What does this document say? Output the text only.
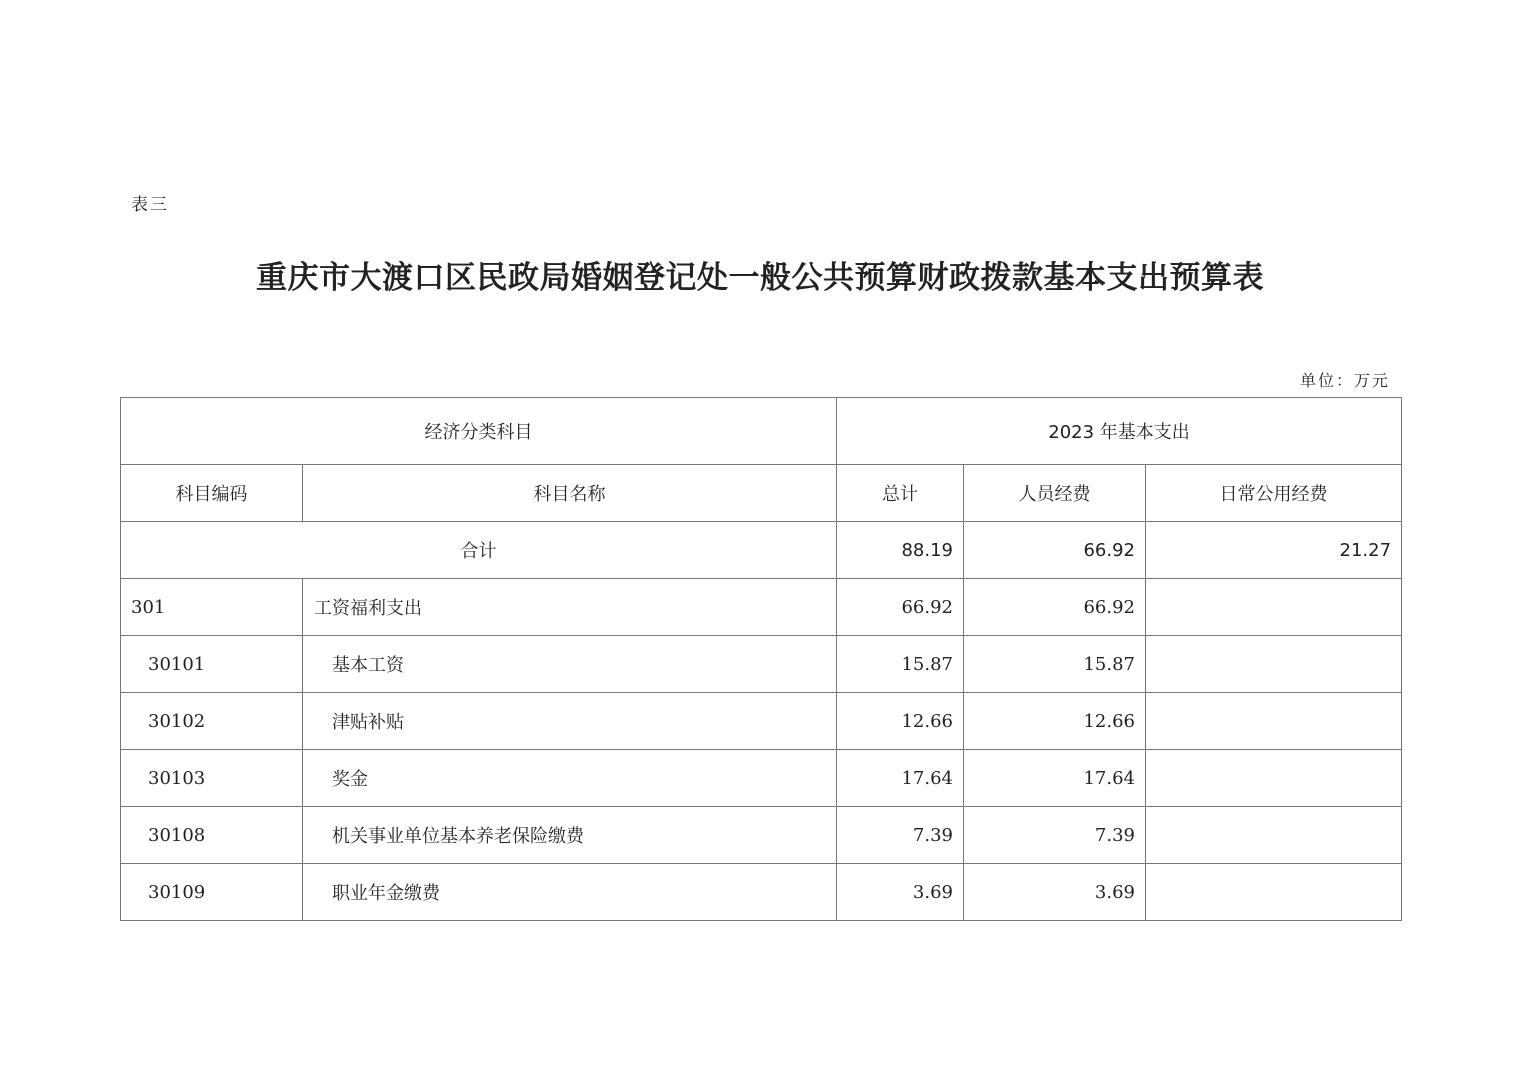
表三
重庆市大渡口区民政局婚姻登记处一般公共预算财政拨款基本支出预算表
单位：万元
经济分类科目		2023 年基本支出		
科目编码	科目名称	总计	人员经费	日常公用经费
合计		88.19	66.92	21.27
301	工资福利支出	66.92	66.92	
30101	基本工资	15.87	15.87	
30102	津贴补贴	12.66	12.66	
30103	奖金	17.64	17.64	
30108	机关事业单位基本养老保险缴费	7.39	7.39	
30109	职业年金缴费	3.69	3.69	
